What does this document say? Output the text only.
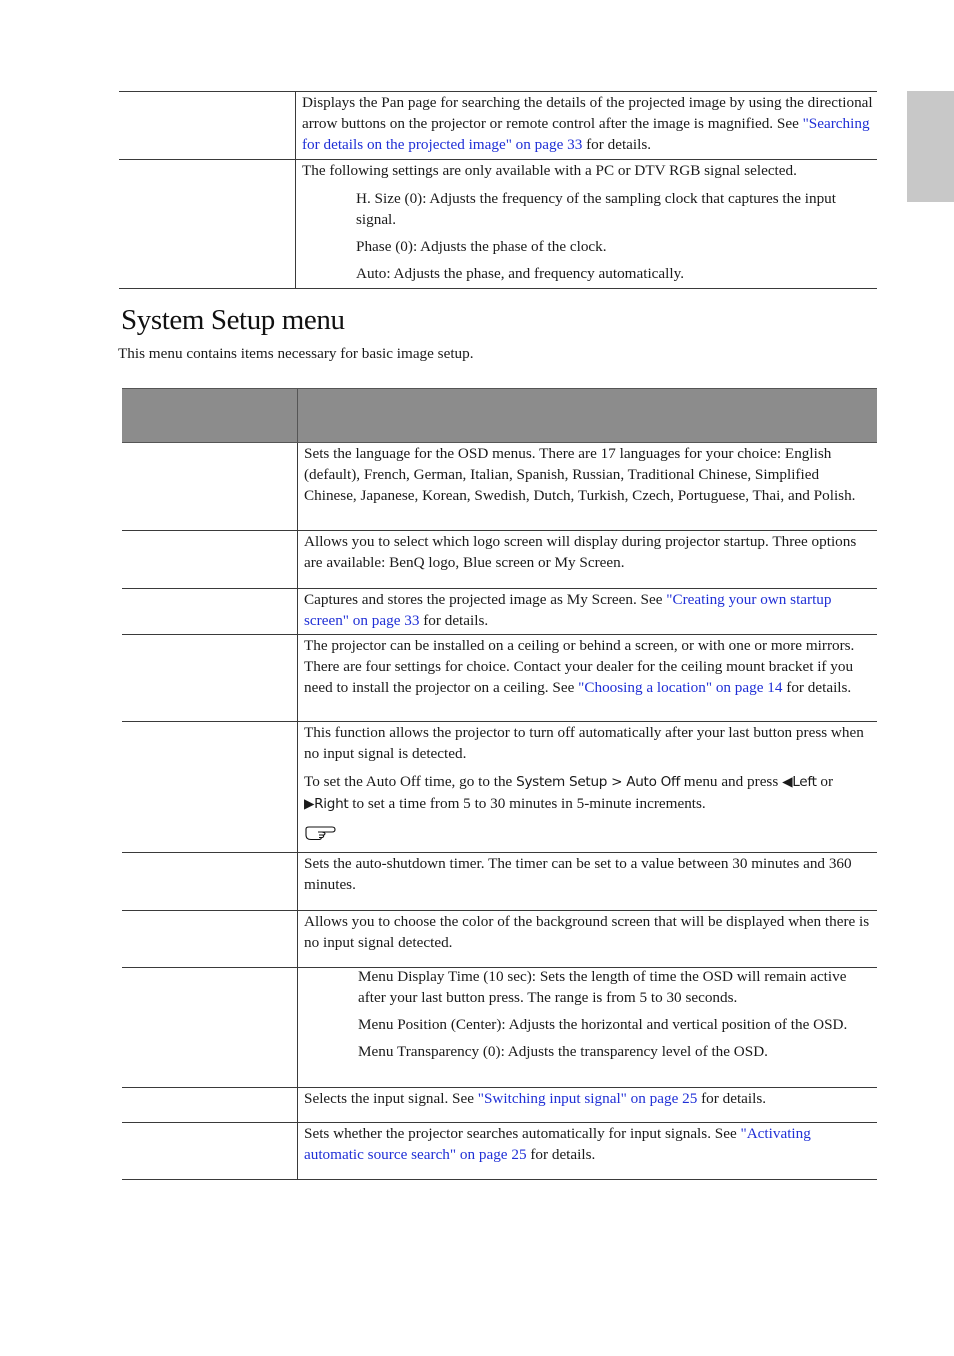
Displays the Pan page for searching the details of the projected image by using the directional arrow buttons on the projector or remote control after the image is magnified. See "Searching for details on the projected image" on page 33 for details.

The following settings are only available with a PC or DTV RGB signal selected.

H. Size (0): Adjusts the frequency of the sampling clock that captures the input signal.

Phase (0): Adjusts the phase of the clock.

Auto: Adjusts the phase, and frequency automatically.

System Setup menu
This menu contains items necessary for basic image setup.

Sets the language for the OSD menus. There are 17 languages for your choice: English (default), French, German, Italian, Spanish, Russian, Traditional Chinese, Simplified Chinese, Japanese, Korean, Swedish, Dutch, Turkish, Czech, Portuguese, Thai, and Polish.

Allows you to select which logo screen will display during projector startup. Three options are available: BenQ logo, Blue screen or My Screen.

Captures and stores the projected image as My Screen. See "Creating your own startup screen" on page 33 for details.
The projector can be installed on a ceiling or behind a screen, or with one or more mirrors. There are four settings for choice. Contact your dealer for the ceiling mount bracket if you need to install the projector on a ceiling. See "Choosing a location" on page 14 for details.

This function allows the projector to turn off automatically after your last button press when no input signal is detected.

To set the Auto Off time, go to the System Setup > Auto Off menu and press ◀Left or ▶Right to set a time from 5 to 30 minutes in 5-minute increments.

Sets the auto-shutdown timer. The timer can be set to a value between 30 minutes and 360 minutes.

Allows you to choose the color of the background screen that will be displayed when there is no input signal detected.

Menu Display Time (10 sec): Sets the length of time the OSD will remain active after your last button press. The range is from 5 to 30 seconds.

Menu Position (Center): Adjusts the horizontal and vertical position of the OSD.

Menu Transparency (0): Adjusts the transparency level of the OSD.

Selects the input signal. See "Switching input signal" on page 25 for details.
Sets whether the projector searches automatically for input signals. See "Activating automatic source search" on page 25 for details.
